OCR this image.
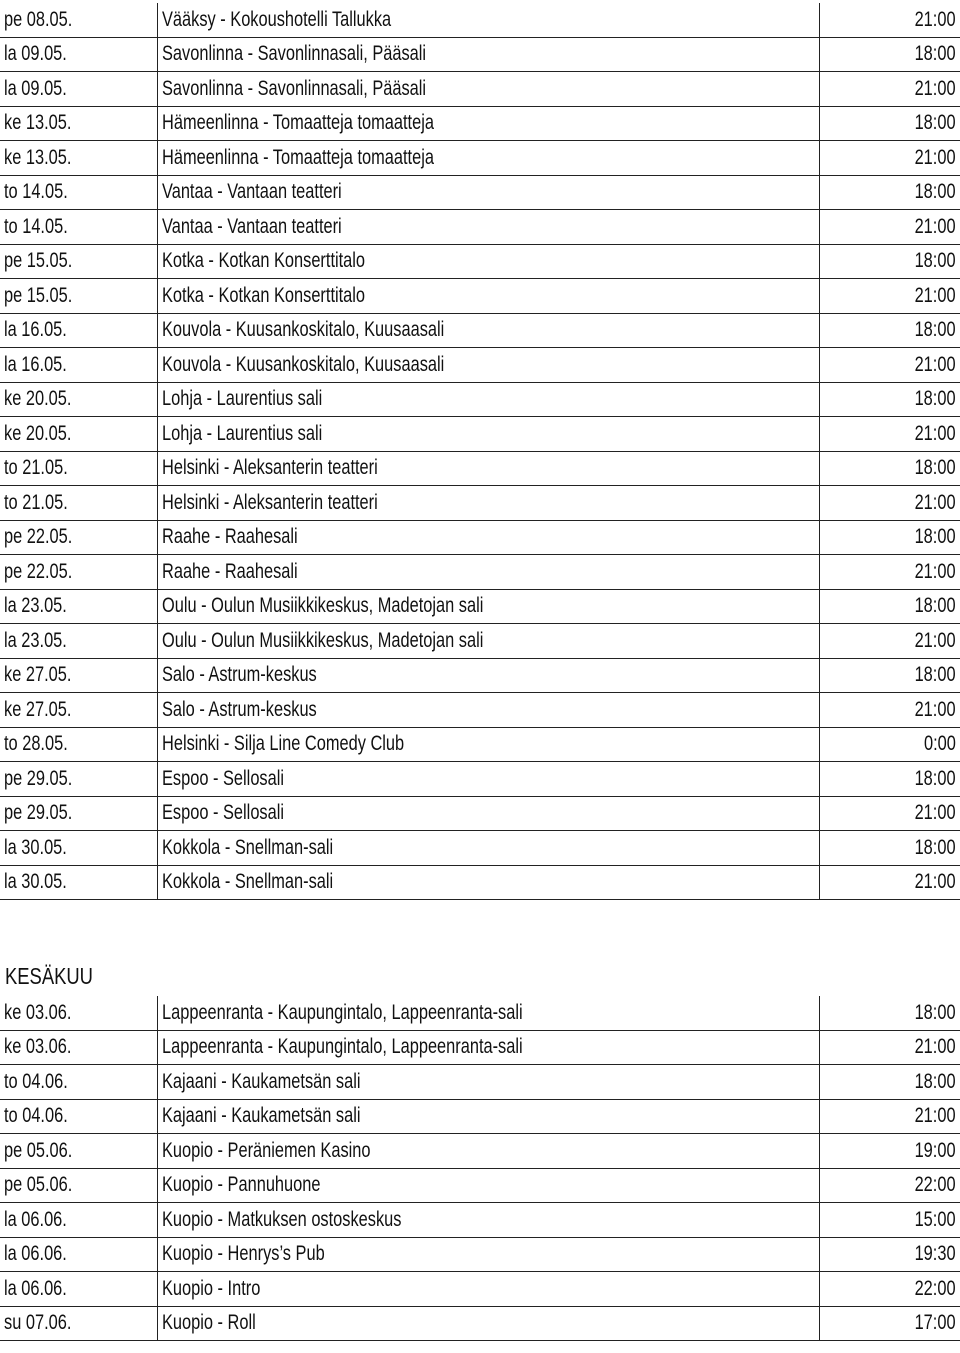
pe 08.05.	Vääksy - Kokoushotelli Tallukka	21:00
la 09.05.	Savonlinna - Savonlinnasali, Pääsali	18:00
la 09.05.	Savonlinna - Savonlinnasali, Pääsali	21:00
ke 13.05.	Hämeenlinna - Tomaatteja tomaatteja	18:00
ke 13.05.	Hämeenlinna - Tomaatteja tomaatteja	21:00
to 14.05.	Vantaa - Vantaan teatteri	18:00
to 14.05.	Vantaa - Vantaan teatteri	21:00
pe 15.05.	Kotka - Kotkan Konserttitalo	18:00
pe 15.05.	Kotka - Kotkan Konserttitalo	21:00
la 16.05.	Kouvola - Kuusankoskitalo, Kuusaasali	18:00
la 16.05.	Kouvola - Kuusankoskitalo, Kuusaasali	21:00
ke 20.05.	Lohja - Laurentius sali	18:00
ke 20.05.	Lohja - Laurentius sali	21:00
to 21.05.	Helsinki - Aleksanterin teatteri	18:00
to 21.05.	Helsinki - Aleksanterin teatteri	21:00
pe 22.05.	Raahe - Raahesali	18:00
pe 22.05.	Raahe - Raahesali	21:00
la 23.05.	Oulu - Oulun Musiikkikeskus, Madetojan sali	18:00
la 23.05.	Oulu - Oulun Musiikkikeskus, Madetojan sali	21:00
ke 27.05.	Salo - Astrum-keskus	18:00
ke 27.05.	Salo - Astrum-keskus	21:00
to 28.05.	Helsinki - Silja Line Comedy Club	0:00
pe 29.05.	Espoo - Sellosali	18:00
pe 29.05.	Espoo - Sellosali	21:00
la 30.05.	Kokkola - Snellman-sali	18:00
la 30.05.	Kokkola - Snellman-sali	21:00
KESÄKUU
ke 03.06.	Lappeenranta - Kaupungintalo, Lappeenranta-sali	18:00
ke 03.06.	Lappeenranta - Kaupungintalo, Lappeenranta-sali	21:00
to 04.06.	Kajaani - Kaukametsän sali	18:00
to 04.06.	Kajaani - Kaukametsän sali	21:00
pe 05.06.	Kuopio - Peräniemen Kasino	19:00
pe 05.06.	Kuopio - Pannuhuone	22:00
la 06.06.	Kuopio - Matkuksen ostoskeskus	15:00
la 06.06.	Kuopio - Henrys’s Pub	19:30
la 06.06.	Kuopio - Intro	22:00
su 07.06.	Kuopio - Roll	17:00
